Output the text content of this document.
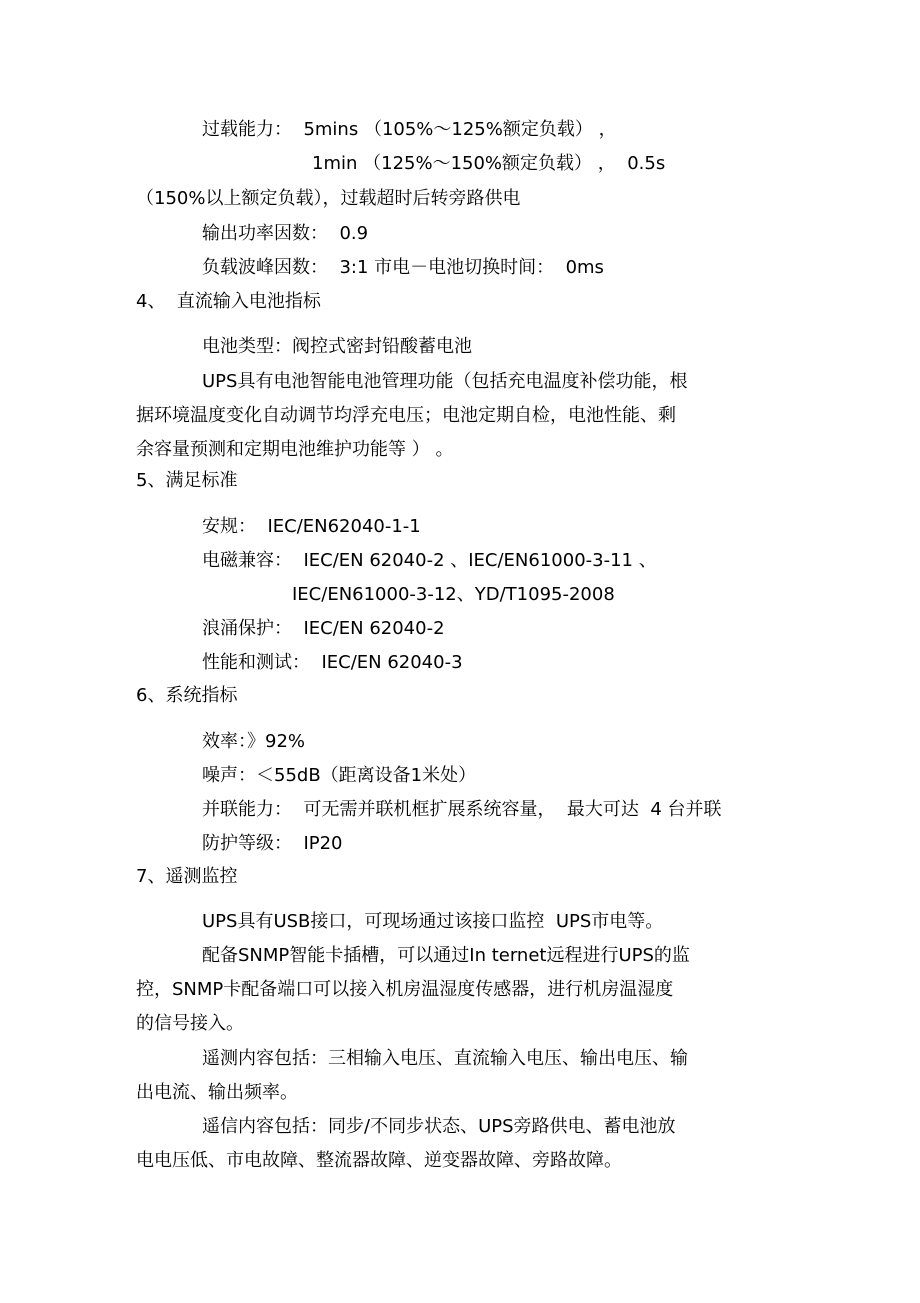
过载能力：  5mins （105%～125%额定负载） ，

1min （125%～150%额定负载） ，  0.5s

（150%以上额定负载），过载超时后转旁路供电

输出功率因数：  0.9

负载波峰因数：  3:1 市电－电池切换时间：  0ms

4、  直流输入电池指标

电池类型：阀控式密封铅酸蓄电池

UPS具有电池智能电池管理功能（包括充电温度补偿功能，根

据环境温度变化自动调节均浮充电压；电池定期自检，电池性能、剩

余容量预测和定期电池维护功能等 ） 。

5、满足标准

安规：  IEC/EN62040-1-1

电磁兼容：  IEC/EN 62040-2 、IEC/EN61000-3-11 、

IEC/EN61000-3-12、YD/T1095-2008

浪涌保护：  IEC/EN 62040-2

性能和测试：  IEC/EN 62040-3

6、系统指标

效率：》92%

噪声：＜55dB（距离设备1米处）

并联能力：  可无需并联机框扩展系统容量，  最大可达  4 台并联

防护等级：  IP20

7、遥测监控

UPS具有USB接口，可现场通过该接口监控  UPS市电等。

配备SNMP智能卡插槽，可以通过In ternet远程进行UPS的监

控，SNMP卡配备端口可以接入机房温湿度传感器，进行机房温湿度

的信号接入。

遥测内容包括：三相输入电压、直流输入电压、输出电压、输

出电流、输出频率。

遥信内容包括：同步/不同步状态、UPS旁路供电、蓄电池放

电电压低、市电故障、整流器故障、逆变器故障、旁路故障。
